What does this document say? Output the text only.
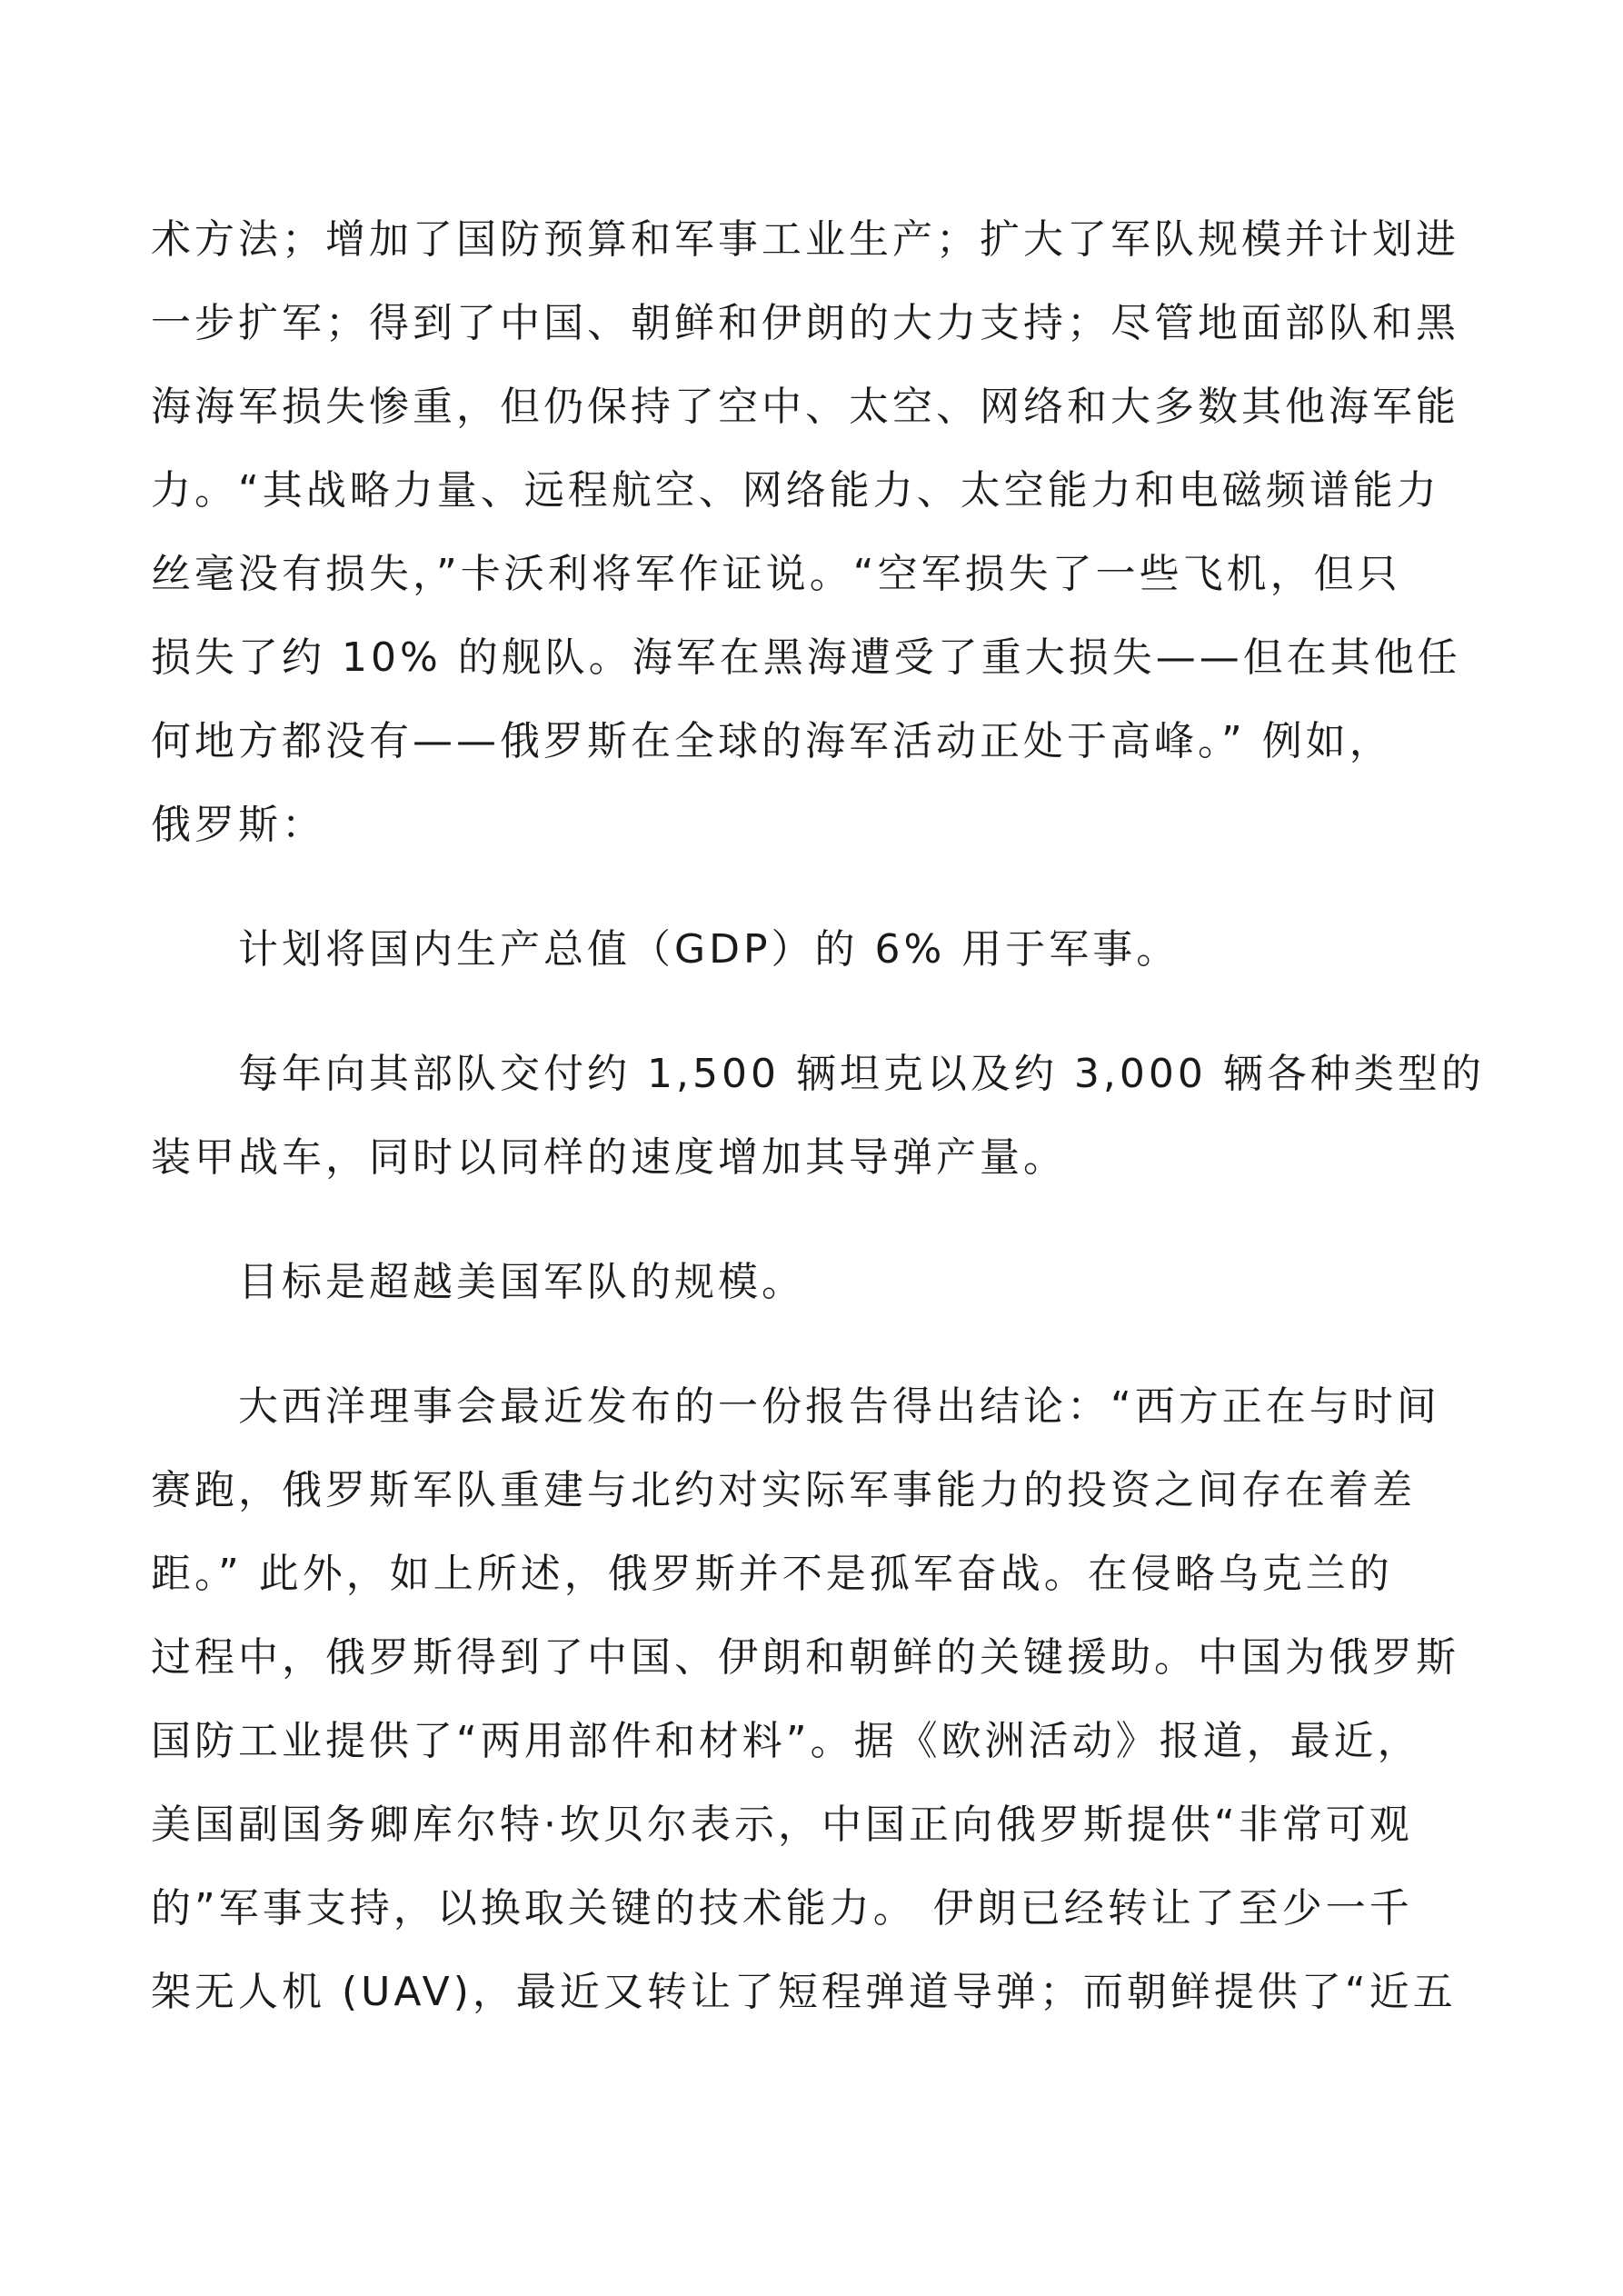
术方法；增加了国防预算和军事工业生产；扩大了军队规模并计划进
一步扩军；得到了中国、朝鲜和伊朗的大力支持；尽管地面部队和黑
海海军损失惨重，但仍保持了空中、太空、网络和大多数其他海军能
力。“其战略力量、远程航空、网络能力、太空能力和电磁频谱能力
丝毫没有损失，”卡沃利将军作证说。“空军损失了一些飞机，但只
损失了约 10% 的舰队。海军在黑海遭受了重大损失——但在其他任
何地方都没有——俄罗斯在全球的海军活动正处于高峰。” 例如，
俄罗斯：
计划将国内生产总值（GDP）的 6% 用于军事。
每年向其部队交付约 1,500 辆坦克以及约 3,000 辆各种类型的
装甲战车，同时以同样的速度增加其导弹产量。
目标是超越美国军队的规模。
大西洋理事会最近发布的一份报告得出结论：“西方正在与时间
赛跑，俄罗斯军队重建与北约对实际军事能力的投资之间存在着差
距。” 此外，如上所述，俄罗斯并不是孤军奋战。在侵略乌克兰的
过程中，俄罗斯得到了中国、伊朗和朝鲜的关键援助。中国为俄罗斯
国防工业提供了“两用部件和材料”。据《欧洲活动》报道，最近，
美国副国务卿库尔特·坎贝尔表示，中国正向俄罗斯提供“非常可观
的”军事支持，以换取关键的技术能力。 伊朗已经转让了至少一千
架无人机 (UAV)，最近又转让了短程弹道导弹；而朝鲜提供了“近五
